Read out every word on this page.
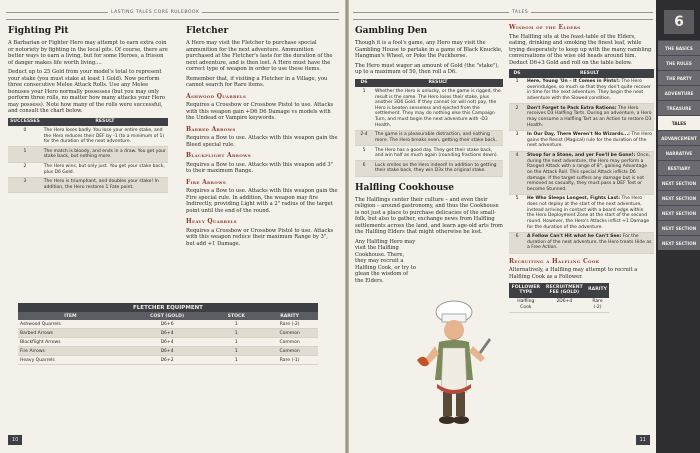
LASTING TALES CORE RULEBOOK
Fighting Pit

A Barbarian or Fighter Hero may attempt to earn extra coin or notoriety by fighting in the local pits. Of course, there are better ways to earn a living, but for some Heroes, a frisson of danger makes life worth living....

Deduct up to 25 Gold from your model's total to represent your stake (you must stake at least 1 Gold). Now perform three consecutive Melee Attack Rolls. Use any Melee bonuses your Hero normally possesses (but you may only perform three rolls, no matter how many attacks your Hero may possess). Note how many of the rolls were successful, and consult the chart below.

SUCCESSES	RESULT
0	The Hero loses badly. You lose your entire stake, and the Hero reduces their DEF by -1 (to a minimum of 1) for the duration of the next adventure.
1	The match is bloody, and ends in a draw. You get your stake back, but nothing more.
2	The Hero wins, but only just. You get your stake back, plus D6 Gold.
3	The Hero is triumphant, and doubles your stake! In addition, the Hero restores 1 Fate point.
Fletcher

A Hero may visit the Fletcher to purchase special ammunition for the next adventure. Ammunition purchased at the Fletcher's lasts for the duration of the next adventure, and is then lost. A Hero must have the correct type of weapon in order to use these items.

Remember that, if visiting a Fletcher in a Village, you cannot search for Rare items.

Ashwood Quarrels

Requires a Crossbow or Crossbow Pistol to use. Attacks with this weapon gain +D6 D6 Damage vs models with the Undead or Vampire keywords.

Barbed Arrows

Requires a Bow to use. Attacks with this weapon gain the Bleed special rule.

Blackflight Arrows

Requires a Bow to use. Attacks with this weapon add 3" to their maximum Range.

Fire Arrows

Requires a Bow to use. Attacks with this weapon gain the Fire special rule. In addition, the weapon may fire Indirectly, providing Light with a 2" radius of the target point until the end of the round.

Heavy Quarrels

Requires a Crossbow or Crossbow Pistol to use. Attacks with this weapon reduce their maximum Range by 3", but add +1 Damage.

FLETCHER EQUIPMENT			
ITEM	COST (GOLD)	STOCK	RARITY
Ashwood Quarrels	D6+6	1	Rare (-2)
Barbed Arrows	D6+4	1	Common
Blackflight Arrows	D6+4	1	Common
Fire Arrows	D6+4	1	Common
Heavy Quarrels	D6+2	1	Rare (-1)
10
TALES
Gambling Den

Though it is a fool's game, any Hero may visit the Gambling House to partake in a game of Black Knuckle, Hangman's Wheel, or Poke the Puckhorse.

The Hero must wager an amount of Gold (the "stake"), up to a maximum of 50, then roll a D6.

D6	RESULT
1	Whether the Hero is unlucky, or the game is rigged, the result is the same. The Hero loses their stake, plus another 3D6 Gold. If they cannot (or will not) pay, the Hero is beaten senseless and ejected from the settlement. They may do nothing else this Campaign Turn, and must begin the next adventure with -D3 Health.
2-4	The game is a pleasurable distraction, and nothing more. The Hero breaks even, getting their stake back.
5	The Hero has a good day. They get their stake back, and win half as much again (rounding fractions down).
6	Luck smiles on the Hero indeed! In addition to getting their stake back, they win D3x the original stake.
Halfling Cookhouse

The Halflings center their culture – and even their religion – around gastronomy, and thus the Cookhouse is not just a place to purchase delicacies of the small-folk, but also to gather, exchange news from Halfling settlements across the land, and learn age-old arts from the Halfling Elders that might otherwise be lost.

Any Halfling Hero may visit the Halfling Cookhouse. There, they may recruit a Halfling Cook, or try to glean the wisdom of the Elders.

Wisdom of the Elders

The Halfling sits at the feast-table of the Elders, eating, drinking and smoking the finest leaf, while trying desperately to keep up with the many rambling conversations of the wise old heads around him. Deduct D6+3 Gold and roll on the table below.

D6	RESULT
1	Here, Young 'Un – It Comes in Pints!: The Hero overindulges, so much so that they don't quite recover in time for the next adventure. They begin the next adventure with the Slowed condition.
2	Don't Forget to Pack Extra Rations: The Hero receives D3 Halfling Tarts. During an adventure, a Hero may consume a Halfling Tart as an Action to restore D3 Health.
3	In Our Day, There Weren't No Wizards...: The Hero gains the Resist (Magical) rule for the duration of the next adventure.
4	Stoop for a Stone, and yer Foe'll be Gone!: Once, during the next adventure, the Hero may perform a Ranged Attack with a range of 8", gaining Advantage on the Attack Roll. This special Attack inflicts D6 damage. If the target suffers any damage but is not removed as casualty, they must pass a DEF Test or become Stunned.
5	He Who Sleeps Longest, Fights Last: The Hero does not deploy at the start of the next adventure, instead arriving in contact with a board edge within the Hero Deployment Zone at the start of the second round. However, the Hero's Attacks inflict +1 Damage for the duration of the adventure.
6	A Fellow Can't Hit what he Can't See: For the duration of the next adventure, the Hero treats Hide as a Free Action.
Recruiting a Halfling Cook

Alternatively, a Halfling may attempt to recruit a Halfling Cook as a Follower.

FOLLOWER TYPE	RECRUITMENT FEE (GOLD)	RARITY
Halfling Cook	2D6+4	Rare (-2)
6
THE BASICS
THE RULES
THE PARTY
ADVENTURE
TREASURE
TALES
ADVANCEMENT
NARRATIVE
BESTIARY
NEXT SECTION
NEXT SECTION
NEXT SECTION
NEXT SECTION
NEXT SECTION
11
